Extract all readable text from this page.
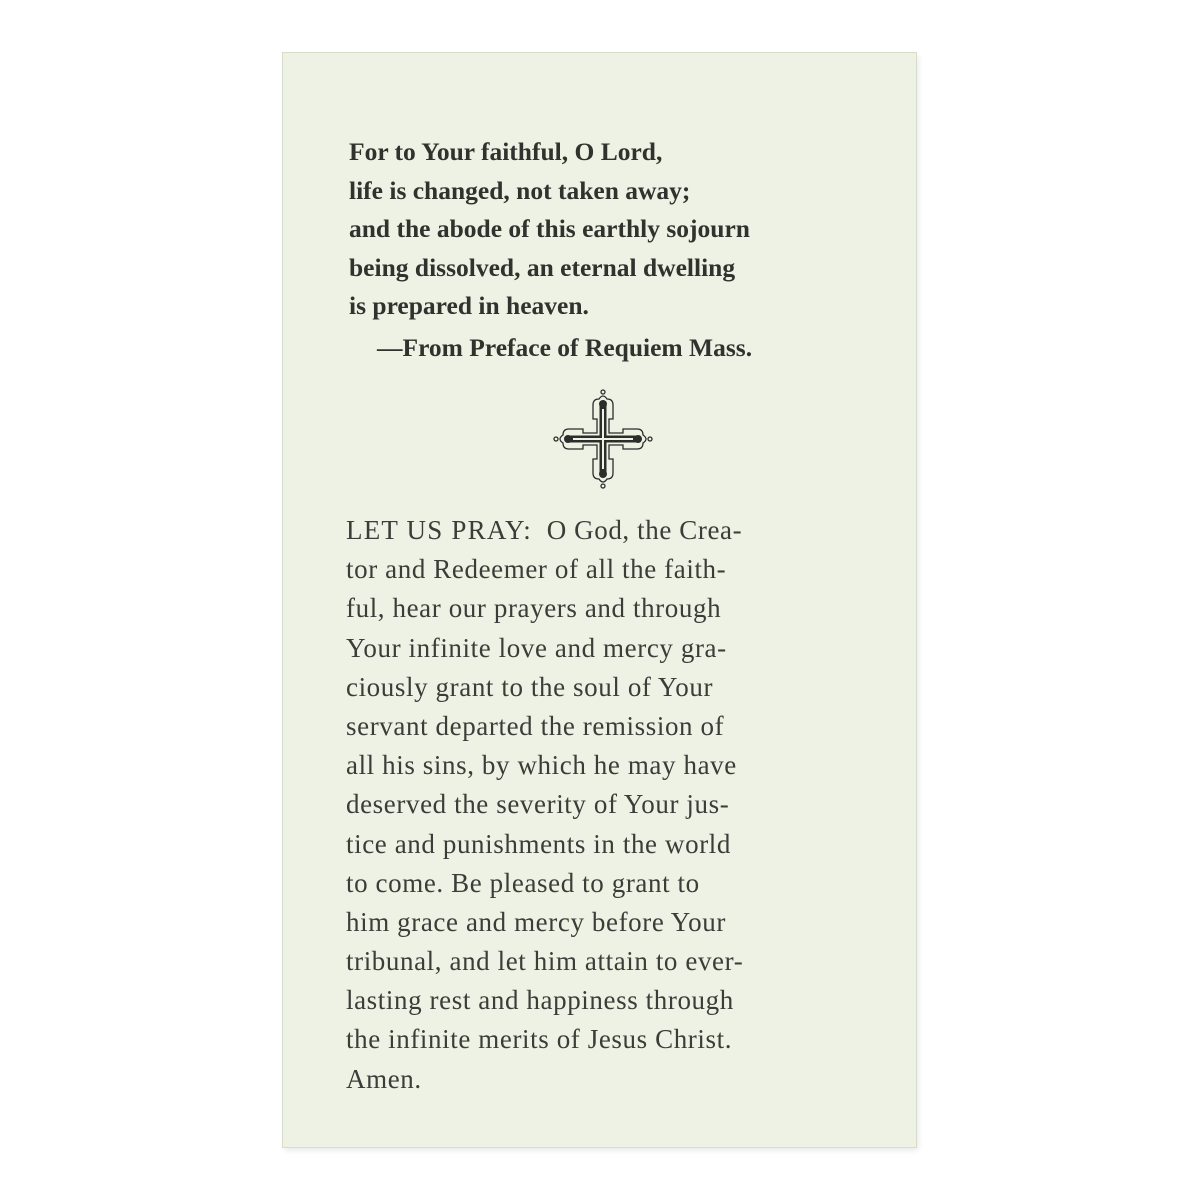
For to Your faithful, O Lord,
life is changed, not taken away;
and the abode of this earthly sojourn
being dissolved, an eternal dwelling
is prepared in heaven.
—From Preface of Requiem Mass.
LET US PRAY: O God, the Crea-
tor and Redeemer of all the faith-
ful, hear our prayers and through
Your infinite love and mercy gra-
ciously grant to the soul of Your
servant departed the remission of
all his sins, by which he may have
deserved the severity of Your jus-
tice and punishments in the world
to come. Be pleased to grant to
him grace and mercy before Your
tribunal, and let him attain to ever-
lasting rest and happiness through
the infinite merits of Jesus Christ.
Amen.
